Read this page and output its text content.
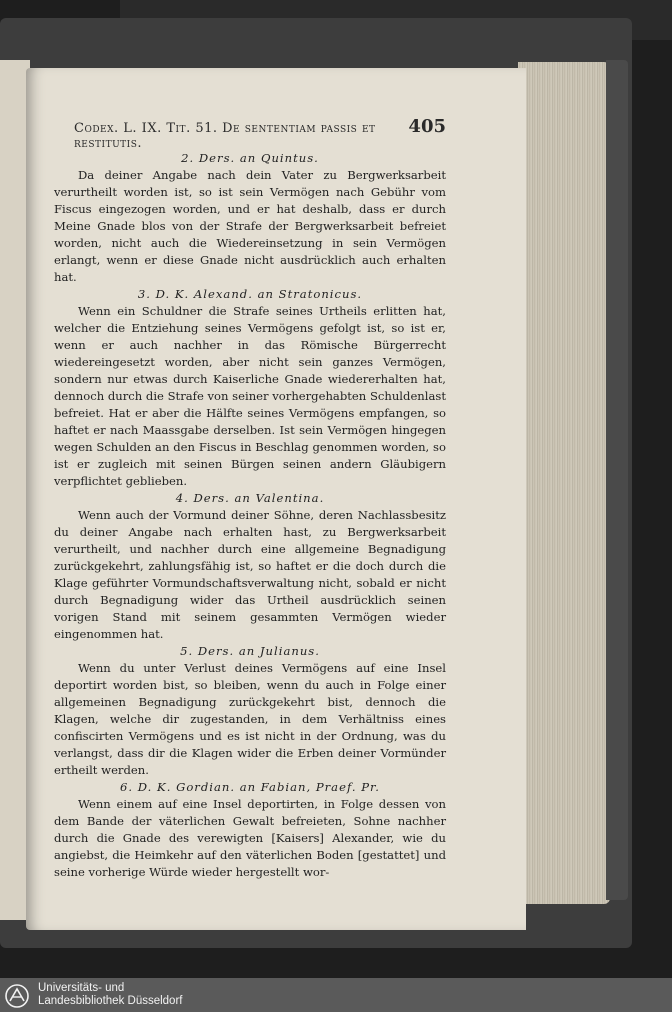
Codex. L. IX. Tit. 51. De sententiam passis et restitutis.
405

2. Ders. an Quintus.

Da deiner Angabe nach dein Vater zu Bergwerksarbeit verurtheilt worden ist, so ist sein Vermögen nach Gebühr vom Fiscus eingezogen worden, und er hat deshalb, dass er durch Meine Gnade blos von der Strafe der Bergwerksarbeit befreiet worden, nicht auch die Wiedereinsetzung in sein Vermögen erlangt, wenn er diese Gnade nicht ausdrücklich auch erhalten hat.

3. D. K. Alexand. an Stratonicus.

Wenn ein Schuldner die Strafe seines Urtheils erlitten hat, welcher die Entziehung seines Vermögens gefolgt ist, so ist er, wenn er auch nachher in das Römische Bürgerrecht wiedereingesetzt worden, aber nicht sein ganzes Vermögen, sondern nur etwas durch Kaiserliche Gnade wiedererhalten hat, dennoch durch die Strafe von seiner vorhergehabten Schuldenlast befreiet. Hat er aber die Hälfte seines Vermögens empfangen, so haftet er nach Maassgabe derselben. Ist sein Vermögen hingegen wegen Schulden an den Fiscus in Beschlag genommen worden, so ist er zugleich mit seinen Bürgen seinen andern Gläubigern verpflichtet geblieben.

4. Ders. an Valentina.

Wenn auch der Vormund deiner Söhne, deren Nachlassbesitz du deiner Angabe nach erhalten hast, zu Bergwerksarbeit verurtheilt, und nachher durch eine allgemeine Begnadigung zurückgekehrt, zahlungsfähig ist, so haftet er die doch durch die Klage geführter Vormundschaftsverwaltung nicht, sobald er nicht durch Begnadigung wider das Urtheil ausdrücklich seinen vorigen Stand mit seinem gesammten Vermögen wieder eingenommen hat.

5. Ders. an Julianus.

Wenn du unter Verlust deines Vermögens auf eine Insel deportirt worden bist, so bleiben, wenn du auch in Folge einer allgemeinen Begnadigung zurückgekehrt bist, dennoch die Klagen, welche dir zugestanden, in dem Verhältniss eines confiscirten Vermögens und es ist nicht in der Ordnung, was du verlangst, dass dir die Klagen wider die Erben deiner Vormünder ertheilt werden.

6. D. K. Gordian. an Fabian, Praef. Pr.

Wenn einem auf eine Insel deportirten, in Folge dessen von dem Bande der väterlichen Gewalt befreieten, Sohne nachher durch die Gnade des verewigten [Kaisers] Alexander, wie du angiebst, die Heimkehr auf den väterlichen Boden [gestattet] und seine vorherige Würde wieder hergestellt wor-

Universitäts- und
Landesbibliothek Düsseldorf
